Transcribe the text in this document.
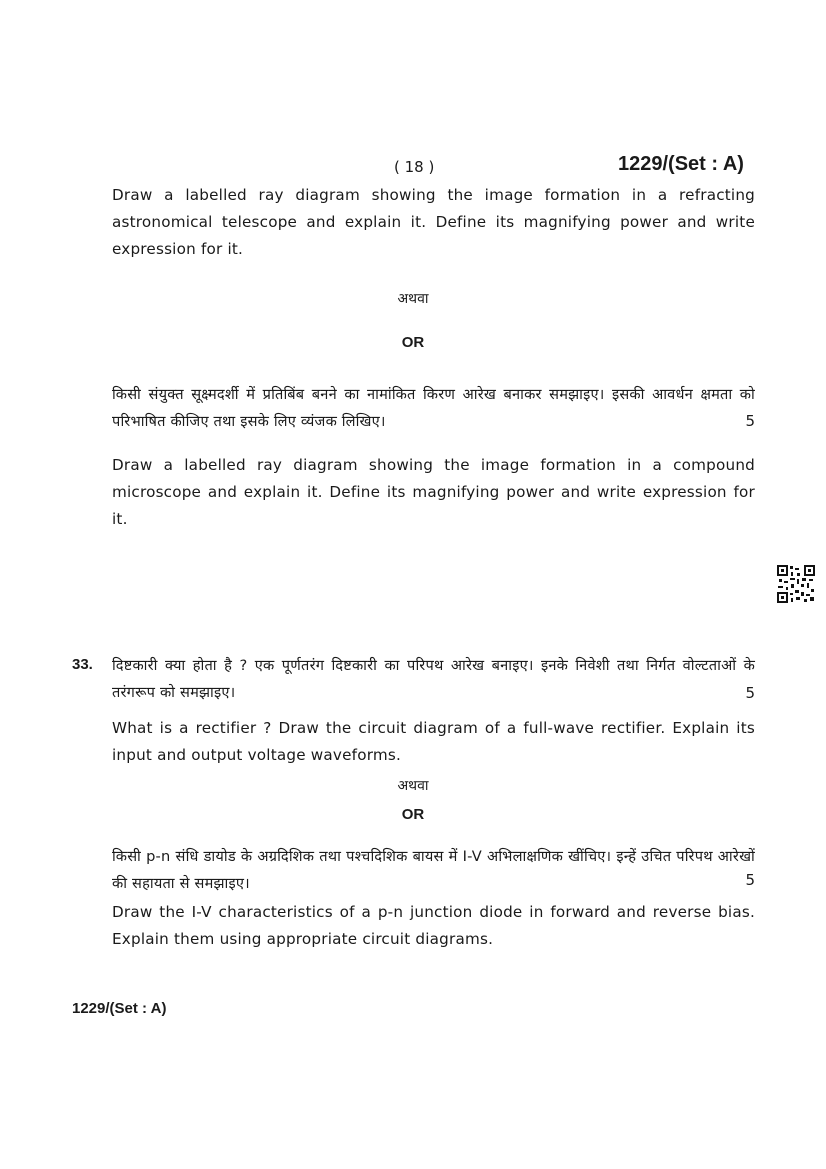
( 18 )	1229/(Set : A)
Draw a labelled ray diagram showing the image formation in a refracting astronomical telescope and explain it. Define its magnifying power and write expression for it.
अथवा
OR
किसी संयुक्त सूक्ष्मदर्शी में प्रतिबिंब बनने का नामांकित किरण आरेख बनाकर समझाइए। इसकी आवर्धन क्षमता को परिभाषित कीजिए तथा इसके लिए व्यंजक लिखिए।	5
Draw a labelled ray diagram showing the image formation in a compound microscope and explain it. Define its magnifying power and write expression for it.
33. दिष्टकारी क्या होता है ? एक पूर्णतरंग दिष्टकारी का परिपथ आरेख बनाइए। इनके निवेशी तथा निर्गत वोल्टताओं के तरंगरूप को समझाइए।	5
What is a rectifier ? Draw the circuit diagram of a full-wave rectifier. Explain its input and output voltage waveforms.
अथवा
OR
किसी p-n संधि डायोड के अग्रदिशिक तथा पश्चदिशिक बायस में I-V अभिलाक्षणिक खींचिए। इन्हें उचित परिपथ आरेखों की सहायता से समझाइए।	5
Draw the I-V characteristics of a p-n junction diode in forward and reverse bias. Explain them using appropriate circuit diagrams.
1229/(Set : A)
